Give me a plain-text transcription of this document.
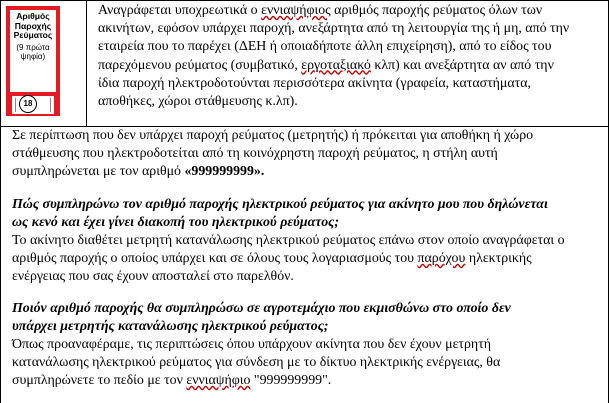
Αριθμός
Παροχής
Ρεύματος
(9 πρώτα
ψηφία)
18
Αναγράφεται υποχρεωτικά ο εννιαψήφιος αριθμός παροχής ρεύματος όλων των
ακινήτων, εφόσον υπάρχει παροχή, ανεξάρτητα από τη λειτουργία της ή μη, από την
εταιρεία που το παρέχει (ΔΕΗ ή οποιαδήποτε άλλη επιχείρηση), από το είδος του
παρεχόμενου ρεύματος (συμβατικό, εργοταξιακό κλπ) και ανεξάρτητα αν από την
ίδια παροχή ηλεκτροδοτούνται περισσότερα ακίνητα (γραφεία, καταστήματα,
αποθήκες, χώροι στάθμευσης κ.λπ).
Σε περίπτωση που δεν υπάρχει παροχή ρεύματος (μετρητής) ή πρόκειται για αποθήκη ή χώρο
στάθμευσης που ηλεκτροδοτείται από τη κοινόχρηστη παροχή ρεύματος, η στήλη αυτή
συμπληρώνεται με τον αριθμό «999999999».
Πώς συμπληρώνω τον αριθμό παροχής ηλεκτρικού ρεύματος για ακίνητο μου που δηλώνεται
ως κενό και έχει γίνει διακοπή του ηλεκτρικού ρεύματος;
Το ακίνητο διαθέτει μετρητή κατανάλωσης ηλεκτρικού ρεύματος επάνω στον οποίο αναγράφεται ο
αριθμός παροχής ο οποίος υπάρχει και σε όλους τους λογαριασμούς του παρόχου ηλεκτρικής
ενέργειας που σας έχουν αποσταλεί στο παρελθόν.
Ποιόν αριθμό παροχής θα συμπληρώσω σε αγροτεμάχιο που εκμισθώνω στο οποίο δεν
υπάρχει μετρητής κατανάλωσης ηλεκτρικού ρεύματος;
Όπως προαναφέραμε, τις περιπτώσεις όπου υπάρχουν ακίνητα που δεν έχουν μετρητή
κατανάλωσης ηλεκτρικού ρεύματος για σύνδεση με το δίκτυο ηλεκτρικής ενέργειας, θα
συμπληρώνετε το πεδίο με τον εννιαψήφιο "999999999".
